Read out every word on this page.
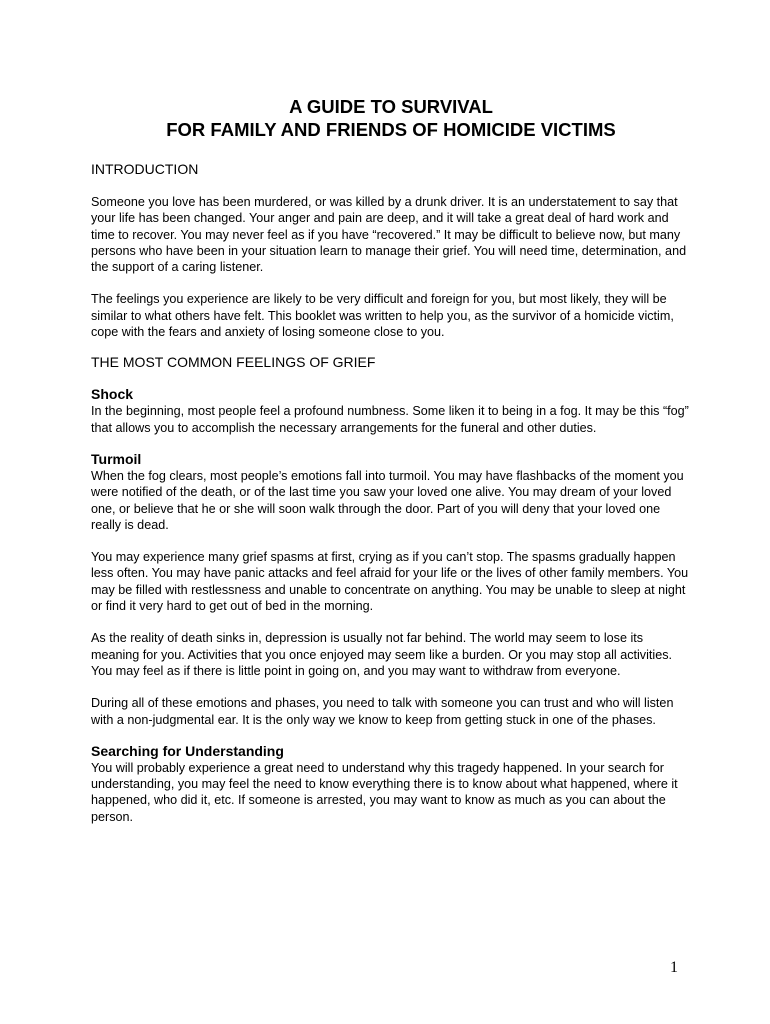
A GUIDE TO SURVIVAL
FOR FAMILY AND FRIENDS OF HOMICIDE VICTIMS
INTRODUCTION

Someone you love has been murdered, or was killed by a drunk driver. It is an understatement to say that your life has been changed. Your anger and pain are deep, and it will take a great deal of hard work and time to recover. You may never feel as if you have “recovered.” It may be difficult to believe now, but many persons who have been in your situation learn to manage their grief. You will need time, determination, and the support of a caring listener.

The feelings you experience are likely to be very difficult and foreign for you, but most likely, they will be similar to what others have felt. This booklet was written to help you, as the survivor of a homicide victim, cope with the fears and anxiety of losing someone close to you.

THE MOST COMMON FEELINGS OF GRIEF
Shock

In the beginning, most people feel a profound numbness. Some liken it to being in a fog. It may be this “fog” that allows you to accomplish the necessary arrangements for the funeral and other duties.

Turmoil

When the fog clears, most people’s emotions fall into turmoil. You may have flashbacks of the moment you were notified of the death, or of the last time you saw your loved one alive. You may dream of your loved one, or believe that he or she will soon walk through the door. Part of you will deny that your loved one really is dead.

You may experience many grief spasms at first, crying as if you can’t stop. The spasms gradually happen less often. You may have panic attacks and feel afraid for your life or the lives of other family members. You may be filled with restlessness and unable to concentrate on anything. You may be unable to sleep at night or find it very hard to get out of bed in the morning.

As the reality of death sinks in, depression is usually not far behind. The world may seem to lose its meaning for you. Activities that you once enjoyed may seem like a burden. Or you may stop all activities. You may feel as if there is little point in going on, and you may want to withdraw from everyone.

During all of these emotions and phases, you need to talk with someone you can trust and who will listen with a non-judgmental ear. It is the only way we know to keep from getting stuck in one of the phases.

Searching for Understanding

You will probably experience a great need to understand why this tragedy happened. In your search for understanding, you may feel the need to know everything there is to know about what happened, where it happened, who did it, etc. If someone is arrested, you may want to know as much as you can about the person.

1
